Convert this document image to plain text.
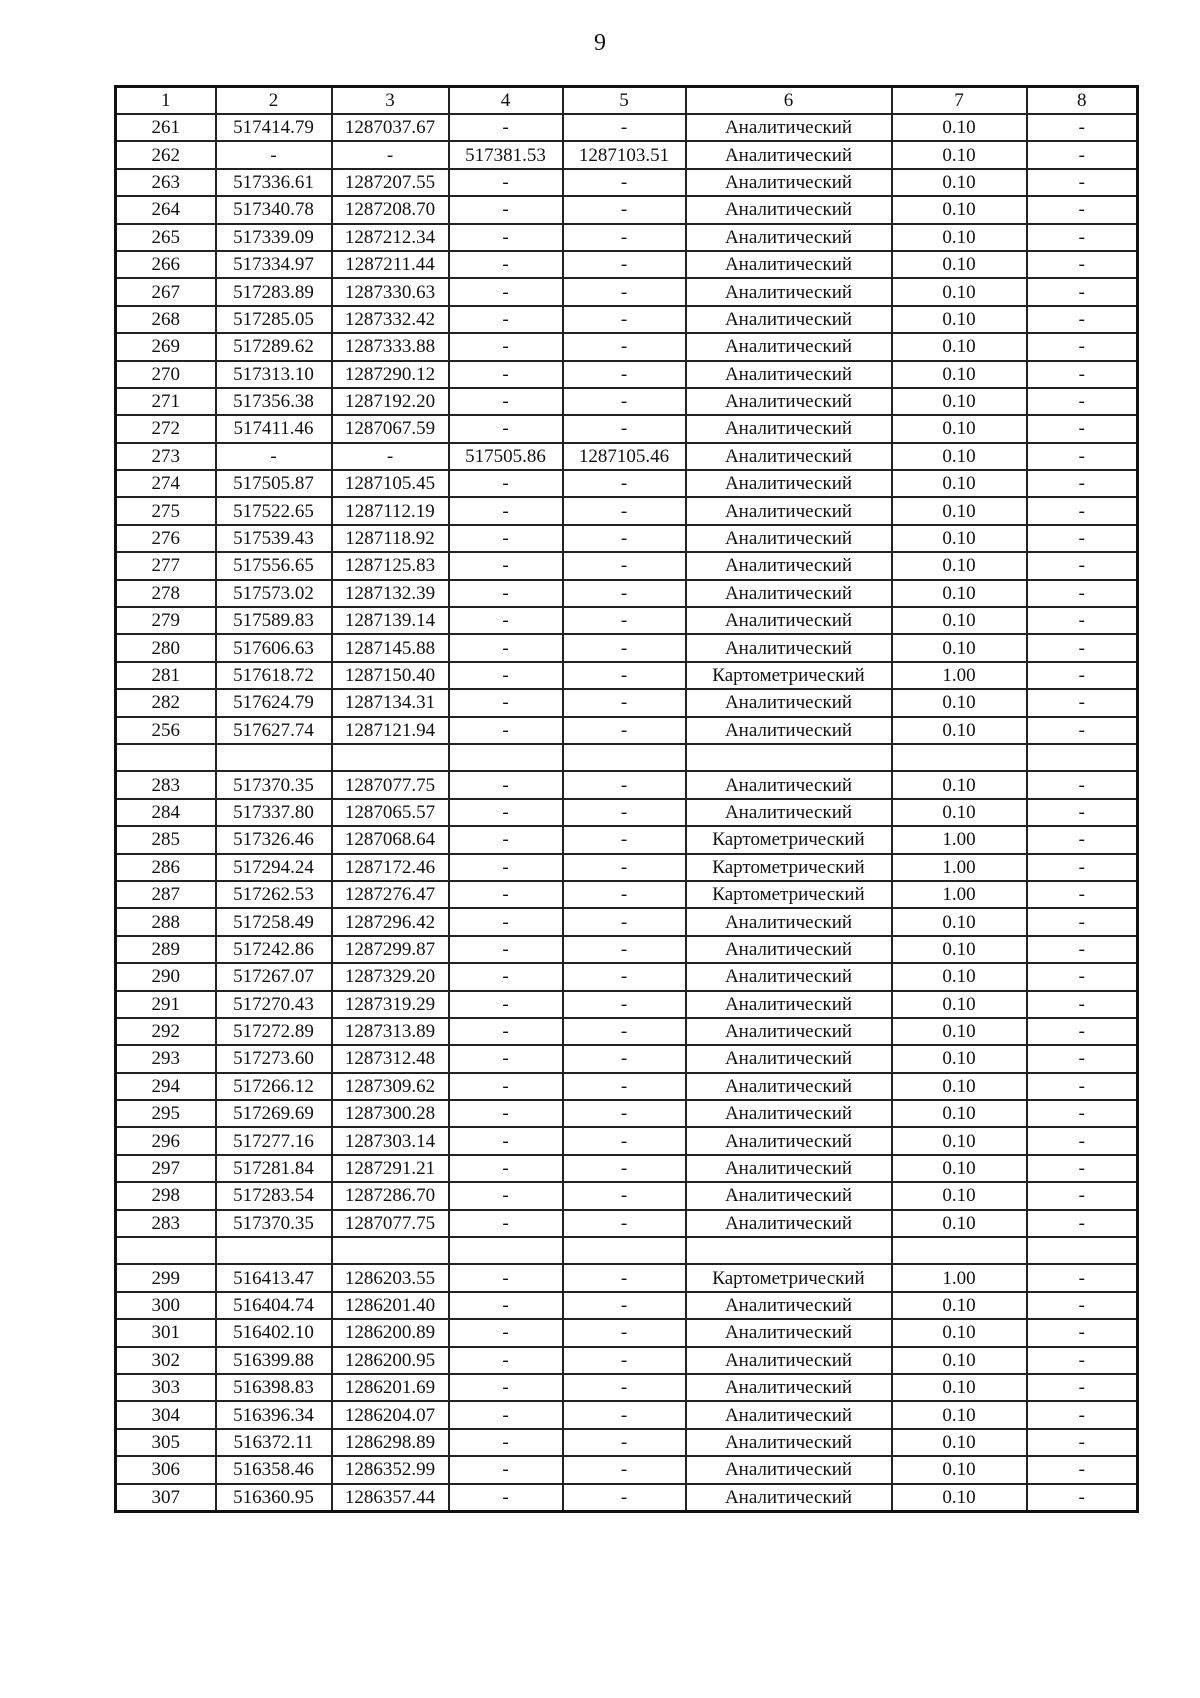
9
1	2	3	4	5	6	7	8
261	517414.79	1287037.67	-	-	Аналитический	0.10	-
262	-	-	517381.53	1287103.51	Аналитический	0.10	-
263	517336.61	1287207.55	-	-	Аналитический	0.10	-
264	517340.78	1287208.70	-	-	Аналитический	0.10	-
265	517339.09	1287212.34	-	-	Аналитический	0.10	-
266	517334.97	1287211.44	-	-	Аналитический	0.10	-
267	517283.89	1287330.63	-	-	Аналитический	0.10	-
268	517285.05	1287332.42	-	-	Аналитический	0.10	-
269	517289.62	1287333.88	-	-	Аналитический	0.10	-
270	517313.10	1287290.12	-	-	Аналитический	0.10	-
271	517356.38	1287192.20	-	-	Аналитический	0.10	-
272	517411.46	1287067.59	-	-	Аналитический	0.10	-
273	-	-	517505.86	1287105.46	Аналитический	0.10	-
274	517505.87	1287105.45	-	-	Аналитический	0.10	-
275	517522.65	1287112.19	-	-	Аналитический	0.10	-
276	517539.43	1287118.92	-	-	Аналитический	0.10	-
277	517556.65	1287125.83	-	-	Аналитический	0.10	-
278	517573.02	1287132.39	-	-	Аналитический	0.10	-
279	517589.83	1287139.14	-	-	Аналитический	0.10	-
280	517606.63	1287145.88	-	-	Аналитический	0.10	-
281	517618.72	1287150.40	-	-	Картометрический	1.00	-
282	517624.79	1287134.31	-	-	Аналитический	0.10	-
256	517627.74	1287121.94	-	-	Аналитический	0.10	-

283	517370.35	1287077.75	-	-	Аналитический	0.10	-
284	517337.80	1287065.57	-	-	Аналитический	0.10	-
285	517326.46	1287068.64	-	-	Картометрический	1.00	-
286	517294.24	1287172.46	-	-	Картометрический	1.00	-
287	517262.53	1287276.47	-	-	Картометрический	1.00	-
288	517258.49	1287296.42	-	-	Аналитический	0.10	-
289	517242.86	1287299.87	-	-	Аналитический	0.10	-
290	517267.07	1287329.20	-	-	Аналитический	0.10	-
291	517270.43	1287319.29	-	-	Аналитический	0.10	-
292	517272.89	1287313.89	-	-	Аналитический	0.10	-
293	517273.60	1287312.48	-	-	Аналитический	0.10	-
294	517266.12	1287309.62	-	-	Аналитический	0.10	-
295	517269.69	1287300.28	-	-	Аналитический	0.10	-
296	517277.16	1287303.14	-	-	Аналитический	0.10	-
297	517281.84	1287291.21	-	-	Аналитический	0.10	-
298	517283.54	1287286.70	-	-	Аналитический	0.10	-
283	517370.35	1287077.75	-	-	Аналитический	0.10	-

299	516413.47	1286203.55	-	-	Картометрический	1.00	-
300	516404.74	1286201.40	-	-	Аналитический	0.10	-
301	516402.10	1286200.89	-	-	Аналитический	0.10	-
302	516399.88	1286200.95	-	-	Аналитический	0.10	-
303	516398.83	1286201.69	-	-	Аналитический	0.10	-
304	516396.34	1286204.07	-	-	Аналитический	0.10	-
305	516372.11	1286298.89	-	-	Аналитический	0.10	-
306	516358.46	1286352.99	-	-	Аналитический	0.10	-
307	516360.95	1286357.44	-	-	Аналитический	0.10	-
